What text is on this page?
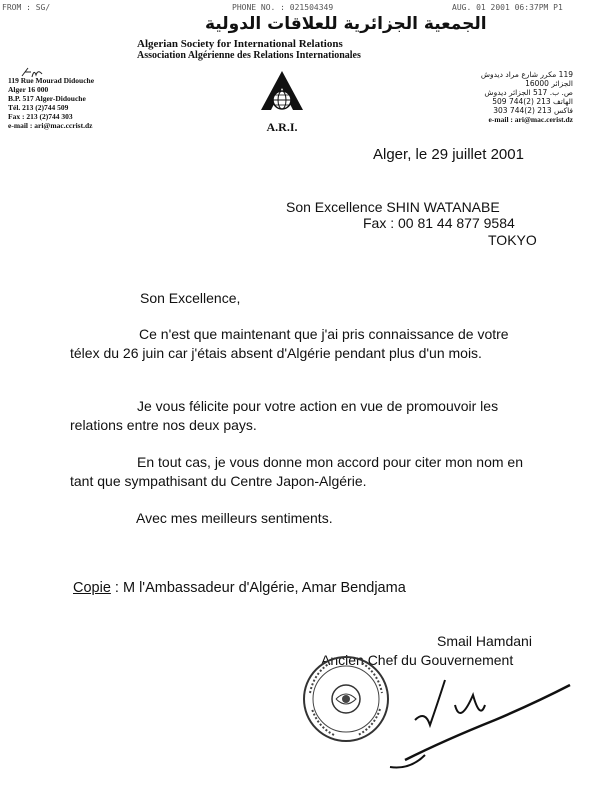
FROM : SG/	PHONE NO. : 021504349	AUG. 01 2001 06:37PM P1
الجمعية الجزائرية للعلاقات الدولية
Algerian Society for International Relations
Association Algérienne des Relations Internationales
119 Rue Mourad Didouche
Alger 16 000
B.P. 517 Alger-Didouche
Tél. 213 (2)744 509
Fax : 213 (2)744 303
e-mail : ari@mac.ccrist.dz	A.R.I.
119 مكرر شارع مراد ديدوش
الجزائر 16000
ص. ب. 517 الجزائر ديدوش
الهاتف 213 (2)744 509
فاكس 213 (2)744 303
e-mail : ari@mac.cerist.dz
Alger, le 29 juillet 2001
Son Excellence SHIN WATANABE
Fax : 00 81 44 877 9584
TOKYO
Son Excellence,
Ce n'est que maintenant que j'ai pris connaissance de votre télex du 26 juin car j'étais absent d'Algérie pendant plus d'un mois.
Je vous félicite pour votre action en vue de promouvoir les relations entre nos deux pays.
En tout cas, je vous donne mon accord pour citer mon nom en tant que sympathisant du Centre Japon-Algérie.
Avec mes meilleurs sentiments.
Copie : M l'Ambassadeur d'Algérie, Amar Bendjama
Smail Hamdani
Ancien Chef du Gouvernement
